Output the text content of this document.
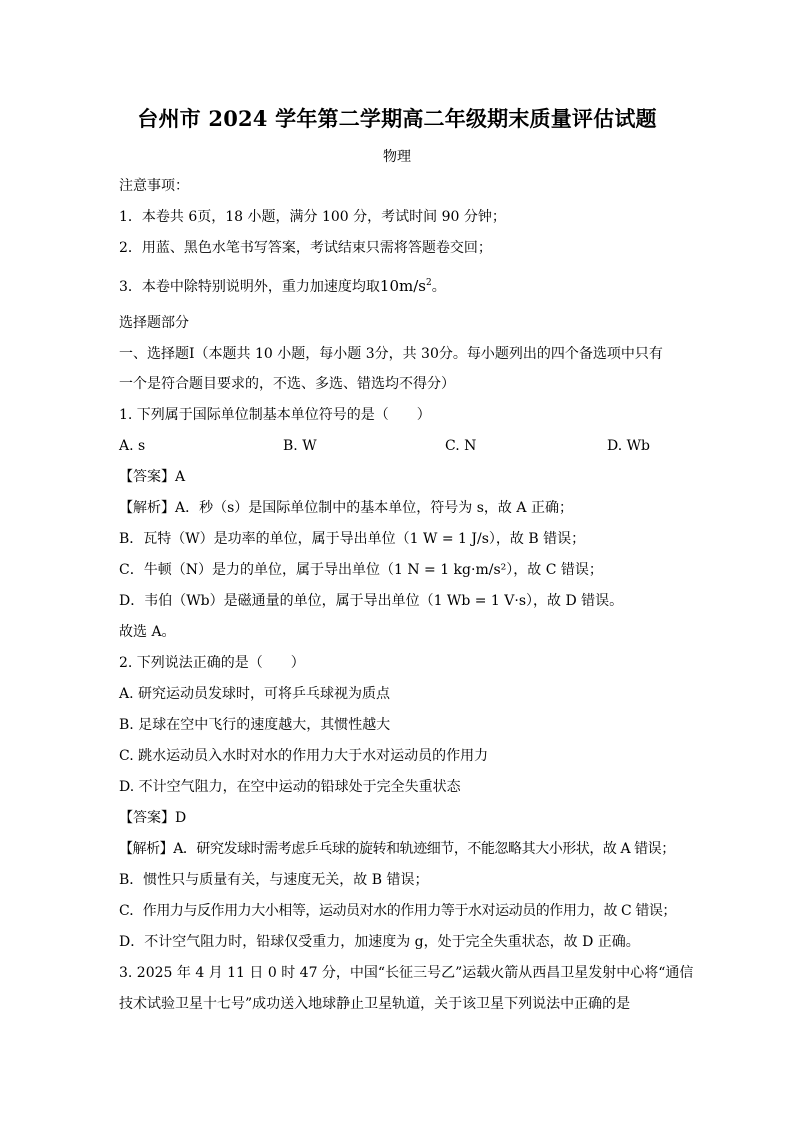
台州市 2024 学年第二学期高二年级期末质量评估试题
物理
注意事项：
1．本卷共 6页，18 小题，满分 100 分，考试时间 90 分钟；
2．用蓝、黑色水笔书写答案，考试结束只需将答题卷交回；
3．本卷中除特别说明外，重力加速度均取$10m/s^2$。
选择题部分
一、选择题Ⅰ（本题共 10 小题，每小题 3分，共 30分。每小题列出的四个备选项中只有
一个是符合题目要求的，不选、多选、错选均不得分）
1. 下列属于国际单位制基本单位符号的是（　　）
A. s	B. W	C. N	D. Wb
【答案】A
【解析】A．秒（s）是国际单位制中的基本单位，符号为 s，故 A 正确；
B．瓦特（W）是功率的单位，属于导出单位（1 W = 1 J/s），故 B 错误；
C．牛顿（N）是力的单位，属于导出单位（1 N = 1 kg·m/s²），故 C 错误；
D．韦伯（Wb）是磁通量的单位，属于导出单位（1 Wb = 1 V·s），故 D 错误。
故选 A。
2. 下列说法正确的是（　　）
A. 研究运动员发球时，可将乒乓球视为质点
B. 足球在空中飞行的速度越大，其惯性越大
C. 跳水运动员入水时对水的作用力大于水对运动员的作用力
D. 不计空气阻力，在空中运动的铅球处于完全失重状态
【答案】D
【解析】A．研究发球时需考虑乒乓球的旋转和轨迹细节，不能忽略其大小形状，故 A 错误；
B．惯性只与质量有关，与速度无关，故 B 错误；
C．作用力与反作用力大小相等，运动员对水的作用力等于水对运动员的作用力，故 C 错误；
D．不计空气阻力时，铅球仅受重力，加速度为 g，处于完全失重状态，故 D 正确。
3. 2025 年 4 月 11 日 0 时 47 分，中国“长征三号乙”运载火箭从西昌卫星发射中心将“通信
技术试验卫星十七号”成功送入地球静止卫星轨道，关于该卫星下列说法中正确的是
